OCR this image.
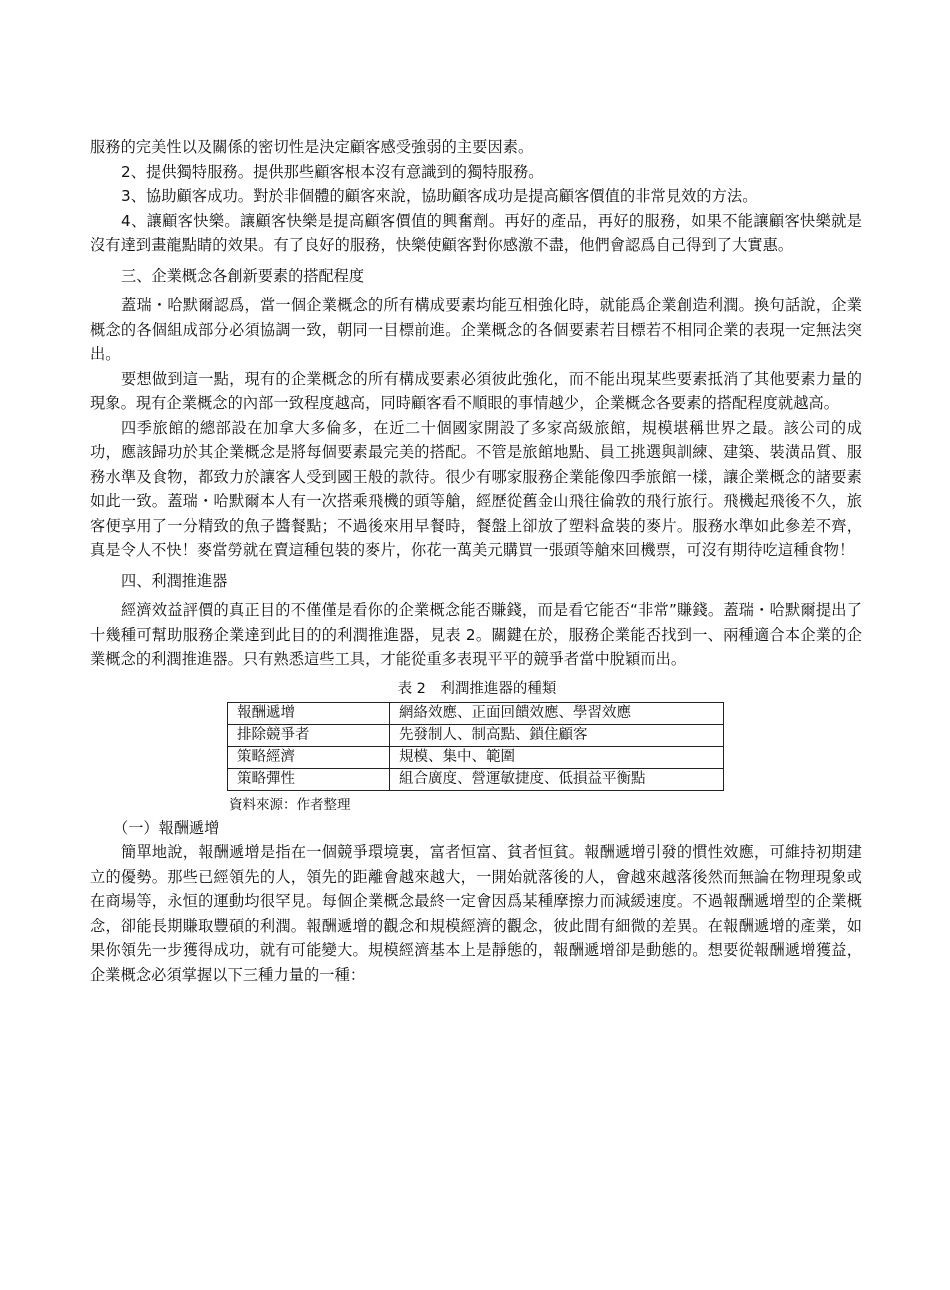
服務的完美性以及關係的密切性是決定顧客感受強弱的主要因素。

2、提供獨特服務。提供那些顧客根本沒有意識到的獨特服務。

3、協助顧客成功。對於非個體的顧客來說，協助顧客成功是提高顧客價值的非常見效的方法。

4、讓顧客快樂。讓顧客快樂是提高顧客價值的興奮劑。再好的產品，再好的服務，如果不能讓顧客快樂就是沒有達到畫龍點睛的效果。有了良好的服務，快樂使顧客對你感激不盡，他們會認爲自己得到了大實惠。

三、企業概念各創新要素的搭配程度

蓋瑞・哈默爾認爲，當一個企業概念的所有構成要素均能互相強化時，就能爲企業創造利潤。換句話說，企業概念的各個組成部分必須協調一致，朝同一目標前進。企業概念的各個要素若目標若不相同企業的表現一定無法突出。

要想做到這一點，現有的企業概念的所有構成要素必須彼此強化，而不能出現某些要素抵消了其他要素力量的現象。現有企業概念的內部一致程度越高，同時顧客看不順眼的事情越少，企業概念各要素的搭配程度就越高。

四季旅館的總部設在加拿大多倫多，在近二十個國家開設了多家高級旅館，規模堪稱世界之最。該公司的成功，應該歸功於其企業概念是將每個要素最完美的搭配。不管是旅館地點、員工挑選與訓練、建築、裝潢品質、服務水準及食物，都致力於讓客人受到國王般的款待。很少有哪家服務企業能像四季旅館一樣，讓企業概念的諸要素如此一致。蓋瑞・哈默爾本人有一次搭乘飛機的頭等艙，經歷從舊金山飛往倫敦的飛行旅行。飛機起飛後不久，旅客便享用了一分精致的魚子醬餐點；不過後來用早餐時，餐盤上卻放了塑料盒裝的麥片。服務水準如此參差不齊，真是令人不快！麥當勞就在賣這種包裝的麥片，你花一萬美元購買一張頭等艙來回機票，可沒有期待吃這種食物！

四、利潤推進器

經濟效益評價的真正目的不僅僅是看你的企業概念能否賺錢，而是看它能否“非常”賺錢。蓋瑞・哈默爾提出了十幾種可幫助服務企業達到此目的的利潤推進器，見表 2。關鍵在於，服務企業能否找到一、兩種適合本企業的企業概念的利潤推進器。只有熟悉這些工具，才能從重多表現平平的競爭者當中脫穎而出。

表 2　利潤推進器的種類

報酬遞增	網絡效應、正面回饋效應、學習效應
排除競爭者	先發制人、制高點、鎖住顧客
策略經濟	規模、集中、範圍
策略彈性	組合廣度、營運敏捷度、低損益平衡點

資料來源：作者整理

（一）報酬遞增

簡單地說，報酬遞增是指在一個競爭環境裏，富者恒富、貧者恒貧。報酬遞增引發的慣性效應，可維持初期建立的優勢。那些已經領先的人，領先的距離會越來越大，一開始就落後的人，會越來越落後然而無論在物理現象或在商場等，永恒的運動均很罕見。每個企業概念最終一定會因爲某種摩擦力而減緩速度。不過報酬遞增型的企業概念，卻能長期賺取豐碩的利潤。報酬遞增的觀念和規模經濟的觀念，彼此間有細微的差異。在報酬遞增的產業，如果你領先一步獲得成功，就有可能變大。規模經濟基本上是靜態的，報酬遞增卻是動態的。想要從報酬遞增獲益，企業概念必須掌握以下三種力量的一種：
